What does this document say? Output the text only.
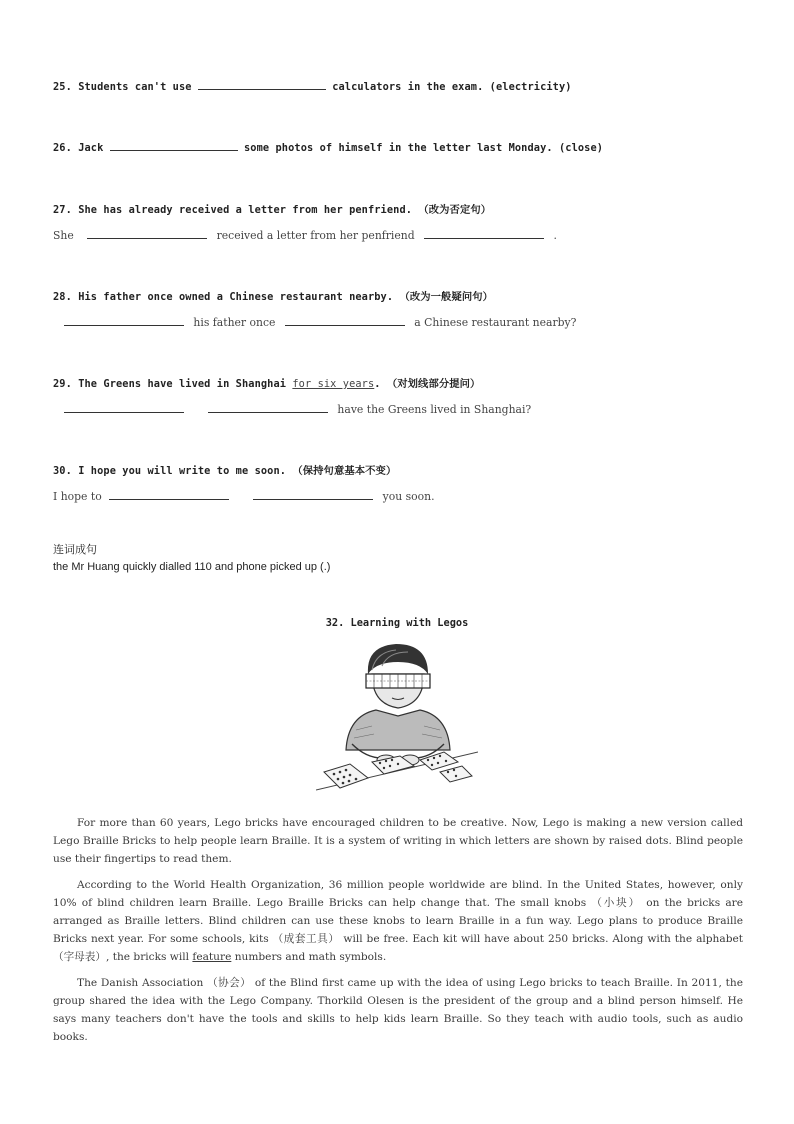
25. Students can't use	calculators in the exam. (electricity)
26. Jack	some photos of himself in the letter last Monday. (close)
27. She has already received a letter from her penfriend. （改为否定句）
She	received a letter from her penfriend	.
28. His father once owned a Chinese restaurant nearby. （改为一般疑问句）
his father once	a Chinese restaurant nearby?
29. The Greens have lived in Shanghai for six years. （对划线部分提问）
have the Greens lived in Shanghai?
30. I hope you will write to me soon. （保持句意基本不变）
I hope to	you soon.
连词成句
the Mr Huang quickly dialled 110 and phone picked up (.)
32. Learning with Legos

For more than 60 years, Lego bricks have encouraged children to be creative. Now, Lego is making a new version called Lego Braille Bricks to help people learn Braille. It is a system of writing in which letters are shown by raised dots. Blind people use their fingertips to read them.

According to the World Health Organization, 36 million people worldwide are blind. In the United States, however, only 10% of blind children learn Braille. Lego Braille Bricks can help change that. The small knobs （小块） on the bricks are arranged as Braille letters. Blind children can use these knobs to learn Braille in a fun way. Lego plans to produce Braille Bricks next year. For some schools, kits （成套工具） will be free. Each kit will have about 250 bricks. Along with the alphabet （字母表）, the bricks will feature numbers and math symbols.

The Danish Association （协会） of the Blind first came up with the idea of using Lego bricks to teach Braille. In 2011, the group shared the idea with the Lego Company. Thorkild Olesen is the president of the group and a blind person himself. He says many teachers don't have the tools and skills to help kids learn Braille. So they teach with audio tools, such as audio books.
